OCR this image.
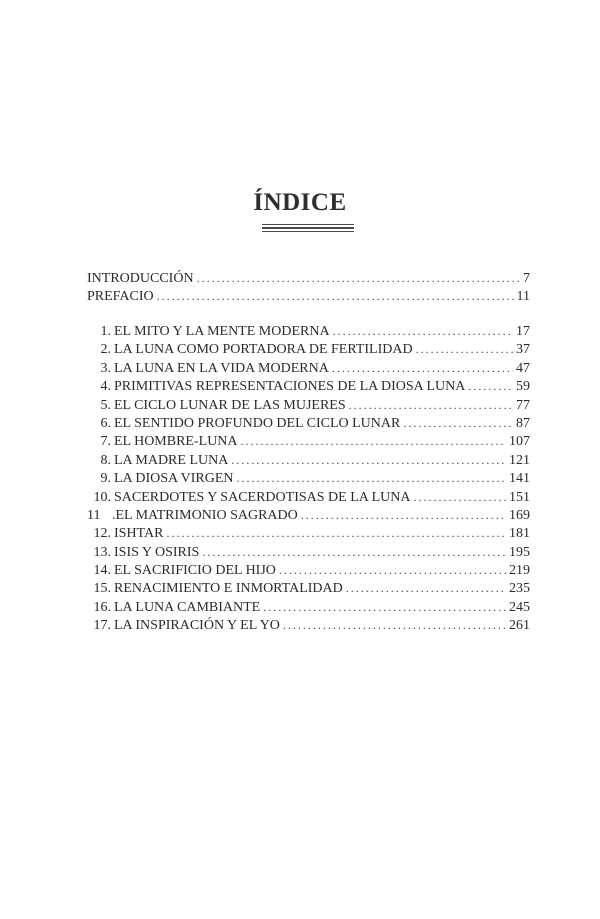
ÍNDICE
INTRODUCCIÓN . . .	7
PREFACIO . . .	11
1. EL MITO Y LA MENTE MODERNA . . .	17
2. LA LUNA COMO PORTADORA DE FERTILIDAD . . .	37
3. LA LUNA EN LA VIDA MODERNA . . .	47
4. PRIMITIVAS REPRESENTACIONES DE LA DIOSA LUNA . . .	59
5. EL CICLO LUNAR DE LAS MUJERES . . .	77
6. EL SENTIDO PROFUNDO DEL CICLO LUNAR . . .	87
7. EL HOMBRE-LUNA . . .	107
8. LA MADRE LUNA . . .	121
9. LA DIOSA VIRGEN . . .	141
10. SACERDOTES Y SACERDOTISAS DE LA LUNA . . .	151
11 .EL MATRIMONIO SAGRADO . . .	169
12. ISHTAR . . .	181
13. ISIS Y OSIRIS . . .	195
14. EL SACRIFICIO DEL HIJO . . .	219
15. RENACIMIENTO E INMORTALIDAD . . .	235
16. LA LUNA CAMBIANTE . . .	245
17. LA INSPIRACIÓN Y EL YO . . .	261
